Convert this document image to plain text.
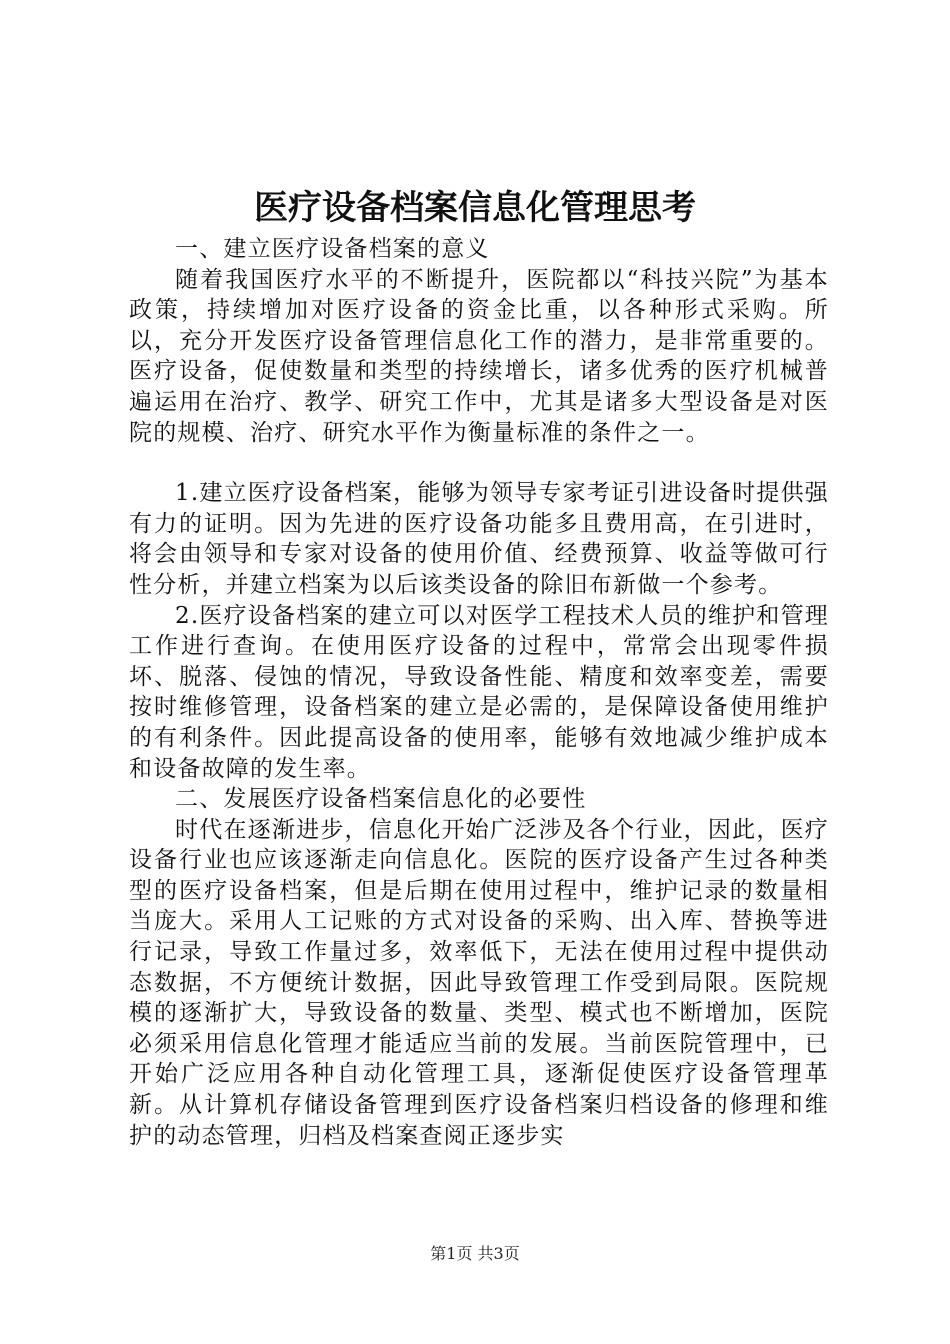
医疗设备档案信息化管理思考

一、建立医疗设备档案的意义

随着我国医疗水平的不断提升，医院都以“科技兴院”为基本政策，持续增加对医疗设备的资金比重，以各种形式采购。所以，充分开发医疗设备管理信息化工作的潜力，是非常重要的。医疗设备，促使数量和类型的持续增长，诸多优秀的医疗机械普遍运用在治疗、教学、研究工作中，尤其是诸多大型设备是对医院的规模、治疗、研究水平作为衡量标准的条件之一。

1.建立医疗设备档案，能够为领导专家考证引进设备时提供强有力的证明。因为先进的医疗设备功能多且费用高，在引进时，将会由领导和专家对设备的使用价值、经费预算、收益等做可行性分析，并建立档案为以后该类设备的除旧布新做一个参考。

2.医疗设备档案的建立可以对医学工程技术人员的维护和管理工作进行查询。在使用医疗设备的过程中，常常会出现零件损坏、脱落、侵蚀的情况，导致设备性能、精度和效率变差，需要按时维修管理，设备档案的建立是必需的，是保障设备使用维护的有利条件。因此提高设备的使用率，能够有效地减少维护成本和设备故障的发生率。

二、发展医疗设备档案信息化的必要性

时代在逐渐进步，信息化开始广泛涉及各个行业，因此，医疗设备行业也应该逐渐走向信息化。医院的医疗设备产生过各种类型的医疗设备档案，但是后期在使用过程中，维护记录的数量相当庞大。采用人工记账的方式对设备的采购、出入库、替换等进行记录，导致工作量过多，效率低下，无法在使用过程中提供动态数据，不方便统计数据，因此导致管理工作受到局限。医院规模的逐渐扩大，导致设备的数量、类型、模式也不断增加，医院必须采用信息化管理才能适应当前的发展。当前医院管理中，已开始广泛应用各种自动化管理工具，逐渐促使医疗设备管理革新。从计算机存储设备管理到医疗设备档案归档设备的修理和维护的动态管理，归档及档案查阅正逐步实

第1页 共3页
